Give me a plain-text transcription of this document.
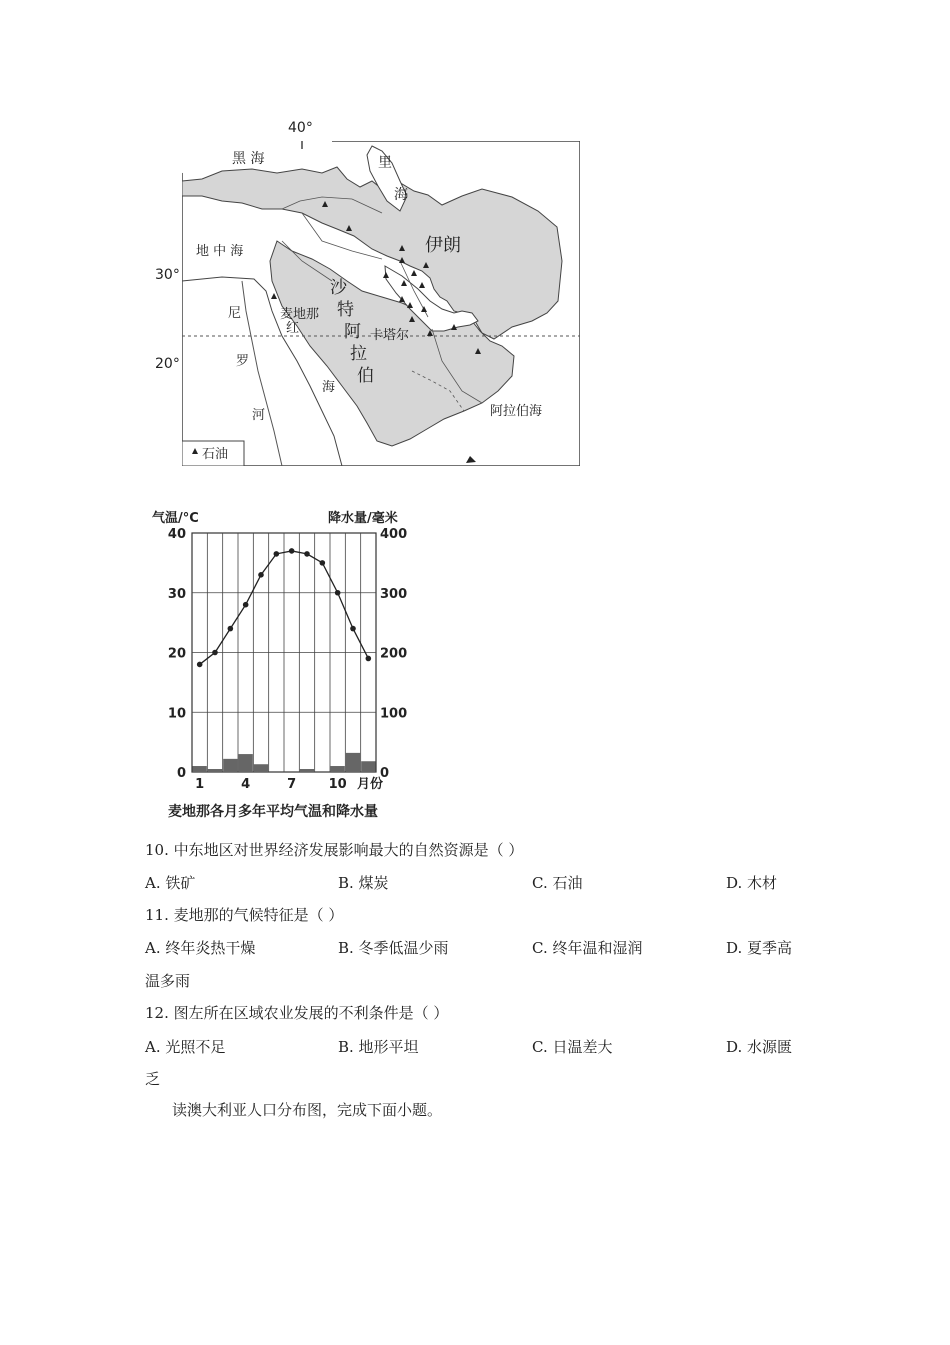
黑 海	里
海
地 中 海	伊朗
沙
特
阿
拉
伯
卡塔尔
麦地那
红
海
尼
罗
河	阿拉伯海
石油
40°
30°
20°
气温/°C	降水量/毫米
0
10
20
30
40
0
100
200
300
400
1	4	7 10 月份
麦地那各月多年平均气温和降水量
10. 中东地区对世界经济发展影响最大的自然资源是（ ）
A. 铁矿	B. 煤炭	C. 石油	D. 木材
11. 麦地那的气候特征是（ ）
A. 终年炎热干燥	B. 冬季低温少雨	C. 终年温和湿润	D. 夏季高
温多雨
12. 图左所在区域农业发展的不利条件是（ ）
A. 光照不足	B. 地形平坦	C. 日温差大	D. 水源匮
乏
读澳大利亚人口分布图，完成下面小题。
